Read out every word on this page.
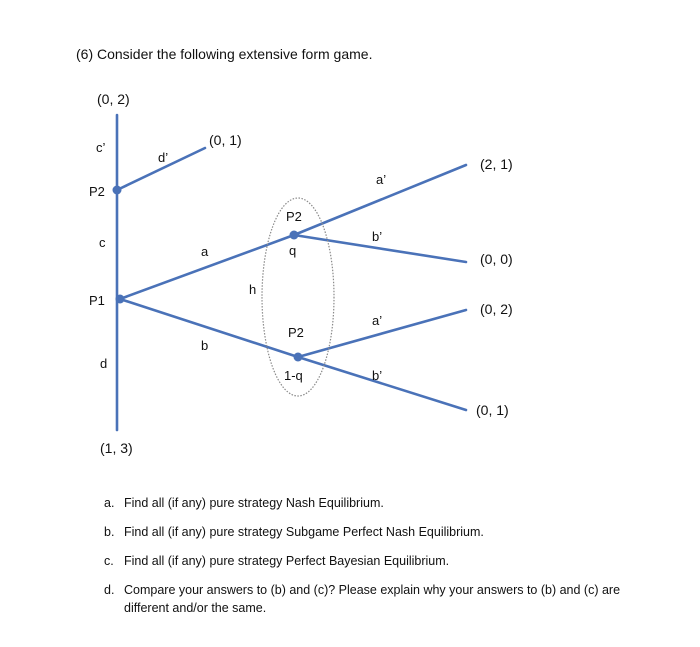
(6) Consider the following extensive form game.
(0, 2)
(0, 1)
(1, 3)
(2, 1)
(0, 0)
(0, 2)
(0, 1)
P2
P1
P2
P2
c’
d’
c
d
a
b
h
a’
b’
a’
b’
q
1-q
a. Find all (if any) pure strategy Nash Equilibrium.
b. Find all (if any) pure strategy Subgame Perfect Nash Equilibrium.
c. Find all (if any) pure strategy Perfect Bayesian Equilibrium.
d. Compare your answers to (b) and (c)? Please explain why your answers to (b) and (c) are different and/or the same.
